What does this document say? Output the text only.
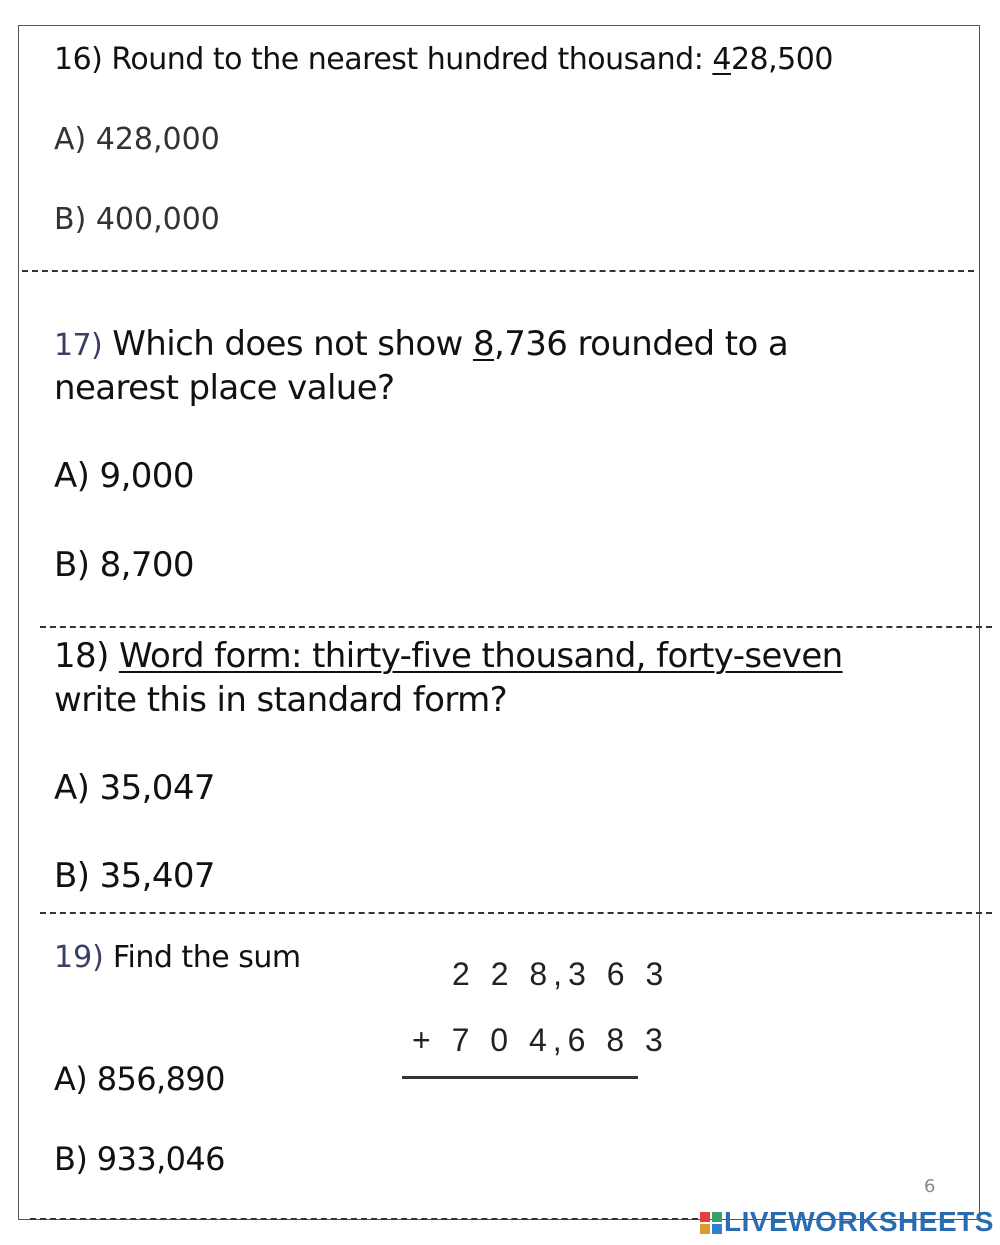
16) Round to the nearest hundred thousand: 428,500
A) 428,000
B) 400,000
17) Which does not show 8,736 rounded to a
nearest place value?
A) 9,000
B) 8,700
18) Word form: thirty-five thousand, forty-seven
write this in standard form?
A) 35,047
B) 35,407
19) Find the sum	2 2 8,3 6 3
+ 7 0 4,6 8 3
A) 856,890
B) 933,046
6
LIVEWORKSHEETS
